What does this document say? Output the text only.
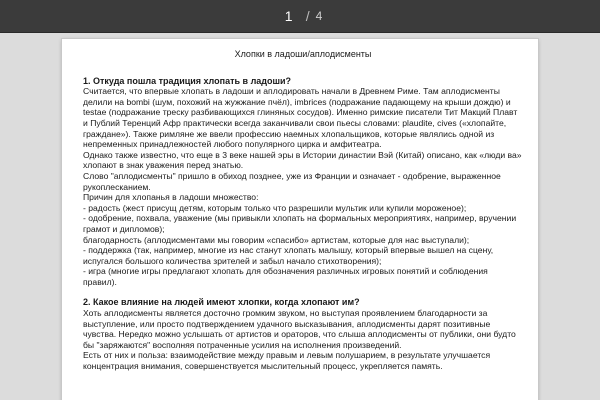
1 / 4
Хлопки в ладоши/аплодисменты
1. Откуда пошла традиция хлопать в ладоши?

Считается, что впервые хлопать в ладоши и аплодировать начали в Древнем Риме. Там аплодисменты делили на bombi (шум, похожий на жужжание пчёл), imbrices (подражание падающему на крыши дождю) и testae (подражание треску разбивающихся глиняных сосудов). Именно римские писатели Тит Макций Плавт и Публий Теренций Афр практически всегда заканчивали свои пьесы словами: plaudite, cives («хлопайте, граждане»). Также римляне же ввели профессию наемных хлопальщиков, которые являлись одной из непременных принадлежностей любого популярного цирка и амфитеатра.

Однако также известно, что еще в 3 веке нашей эры в Истории династии Вэй (Китай) описано, как «люди ва» хлопают в знак уважения перед знатью.

Слово "аплодисменты" пришло в обиход позднее, уже из Франции и означает - одобрение, выраженное рукоплесканием.

Причин для хлопанья в ладоши множество:

- радость (жест присущ детям, которым только что разрешили мультик или купили мороженое);

- одобрение, похвала, уважение (мы привыкли хлопать на формальных мероприятиях, например, вручении грамот и дипломов);

благодарность (аплодисментами мы говорим «спасибо» артистам, которые для нас выступали);

- поддержка (так, например, многие из нас станут хлопать малышу, который впервые вышел на сцену, испугался большого количества зрителей и забыл начало стихотворения);

- игра (многие игры предлагают хлопать для обозначения различных игровых понятий и соблюдения правил).

2. Какое влияние на людей имеют хлопки, когда хлопают им?

Хоть аплодисменты является досточно громким звуком, но выступая проявлением благодарности за выступление, или просто подтверждением удачного высказывания, аплодисменты дарят позитивные чувства. Нередко можно услышать от артистов и ораторов, что слыша аплодисменты от публики, они будто бы "заряжаются" восполняя потраченные усилия на исполнения произведений.

Есть от них и польза: взаимодействие между правым и левым полушарием, в результате улучшается концентрация внимания, совершенствуется мыслительный процесс, укрепляется память.
